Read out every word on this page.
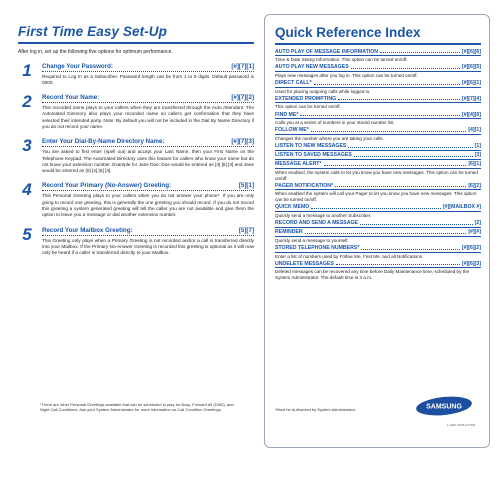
First Time Easy Set-Up
After log in, set up the following five options for optimum performance.
1	Change Your Password:	[#][7][1]
Required to Log In as a Subscriber. Password length can be from 1 to 8 digits. Default password is 0000.
2	Record Your Name:	[#][7][2]
This recorded name plays to your callers when they are transferred through the Auto Attendant. The Automated Directory also plays your recorded name so callers get confirmation that they have selected their intended party. Note: By default you will not be included in the Dial By Name Directory if you do not record your name.
3	Enter Your Dial-By-Name Directory Name:	[#][7][3]
You are asked to first enter (spell out) and accept your Last Name, then your First Name on the Telephone Keypad. The Automated Directory uses this feature for callers who know your name but do not know your extension number. Example for Jane Doe: Doe would be entered as [3] [6] [3] and Jane would be entered as [5] [2] [6] [3].
4	Record Your Primary (No-Answer) Greeting:	[5][1]
This Personal Greeting plays to your callers when you do not answer your phone*. If you are only going to record one greeting, this is generally the one greeting you should record. If you do not record this greeting a system generated greeting will tell the caller you are not available and give them the option to leave you a message or dial another extension number.
5	Record Your Mailbox Greeting:	[5][7]
This Greeting only plays when a Primary Greeting is not recorded and/or a call is transferred directly into your Mailbox. If the Primary No-Answer Greeting is recorded this greeting is optional as it will now only be heard if a caller is transferred directly to your Mailbox.
*There are other Personal Greetings available that can be scheduled to play for Busy, Forward All (DND), and Night Call Conditions. Ask your System Administrator for more information on Call Condition Greetings.
Quick Reference Index
AUTO PLAY OF MESSAGE INFORMATION	[#][6][6]
Time & Date Stamp Information. This option can be turned on/off.
AUTO PLAY NEW MESSAGES	[#][6][5]
Plays new messages after you log in. This option can be turned on/off.
DIRECT CALL*	[#][6][1]
Used for placing outgoing calls while logged in.
EXTENDED PROMPTING	[#][7][4]
This option can be turned on/off.
FIND ME*	[#][4][6]
Calls you at a series of numbers in your stored number list.
FOLLOW ME*	[4][1]
Changes the number where you are taking your calls.
LISTEN TO NEW MESSAGES	[1]
LISTEN TO SAVED MESSAGES	[3]
MESSAGE ALERT*	[6][1]
When enabled, the system calls to let you know you have new messages. This option can be turned on/off.
PAGER NOTIFICATION*	[6][2]
When enabled the system will call your Pager to let you know you have new messages. This option can be turned on/off.
QUICK MEMO	[#][MAILBOX #]
Quickly send a message to another Subscriber.
RECORD AND SEND A MESSAGE	[2]
REMINDER	[#][#]
Quickly send a message to yourself.
STORED TELEPHONE NUMBERS*	[#][6][2]
Enter a list of numbers used by Follow Me, Find Me, and all Notifications.
UNDELETE MESSAGES	[#][6][3]
Deleted messages can be recovered any time before Daily Maintenance time, scheduled by the System Administrator. The default time is 3 a.m.
*Must be Authorized by System Administrator.	SAMSUNG
L-QRG-SVM-0 07/09
